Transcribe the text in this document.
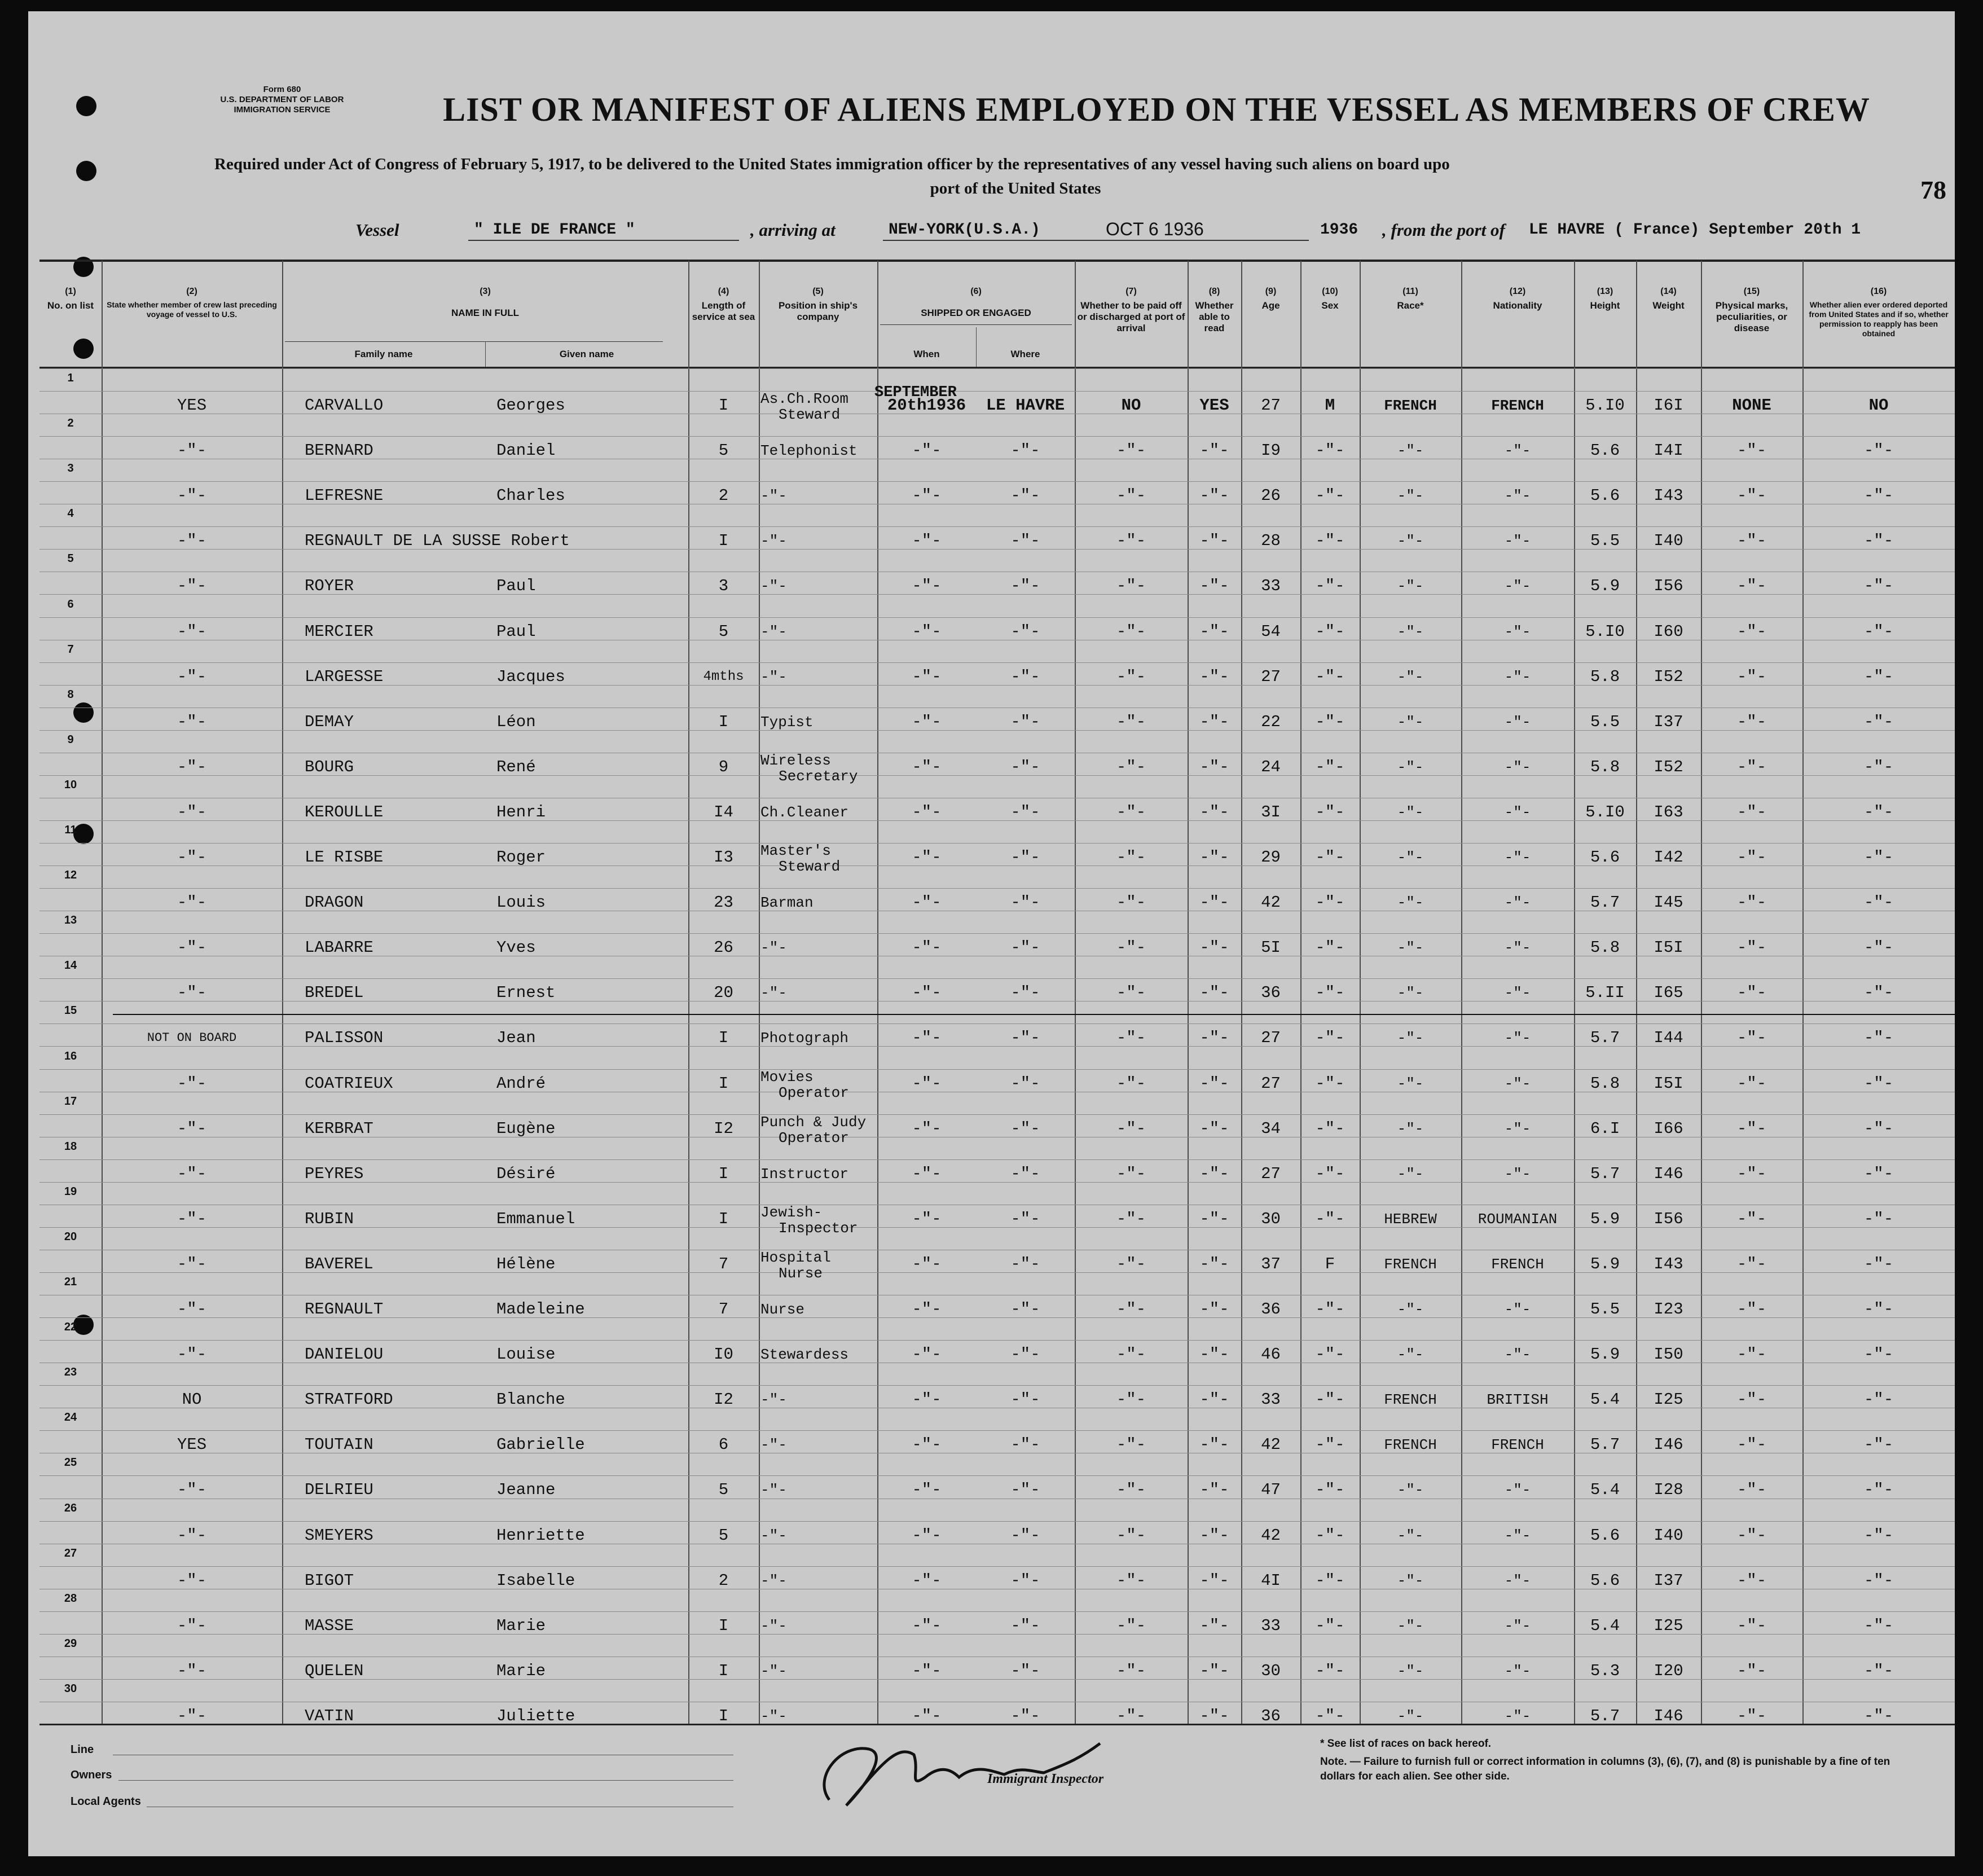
Form 680
U.S. DEPARTMENT OF LABOR
IMMIGRATION SERVICE	LIST OR MANIFEST OF ALIENS EMPLOYED ON THE VESSEL AS MEMBERS OF CREW
Required under Act of Congress of February 5, 1917, to be delivered to the United States immigration officer by the representatives of any vessel having such aliens on board upo
port of the United States	78
Vessel	" ILE DE FRANCE "	, arriving at	NEW-YORK(U.S.A.)	OCT 6 1936	1936 , from the port of LE HAVRE ( France) September 20th 1
(1)
No. on list
(2)
State whether member of crew last preceding voyage of vessel to U.S.
(3)
NAME IN FULL
Family name	Given name
(4)
Length of service at sea
(5)
Position in ship's company
(6)
SHIPPED OR ENGAGED
When	Where
(7)
Whether to be paid off or discharged at port of arrival
(8)
Whether able to read
(9)
Age
(10)
Sex
(11)
Race*
(12)
Nationality
(13)
Height
(14)
Weight
(15)
Physical marks, peculiarities, or disease
(16)
Whether alien ever ordered deported from United States and if so, whether permission to reapply has been obtained
SEPTEMBER
1
YES	CARVALLO	Georges	I	As.Ch.Room
Steward	20th1936	LE HAVRE	NO	YES	27	M	FRENCH	FRENCH	5.I0	I6I	NONE	NO
2
-"-	BERNARD	Daniel	5	Telephonist	-"-	-"-	-"-	-"-	I9	-"-	-"-	-"-	5.6	I4I	-"-	-"-
3
-"-	LEFRESNE	Charles	2	-"-	-"-	-"-	-"-	-"-	26	-"-	-"-	-"-	5.6	I43	-"-	-"-
4
-"-	REGNAULT DE LA SUSSE Robert	I	-"-	-"-	-"-	-"-	-"-	28	-"-	-"-	-"-	5.5	I40	-"-	-"-
5
-"-	ROYER	Paul	3	-"-	-"-	-"-	-"-	-"-	33	-"-	-"-	-"-	5.9	I56	-"-	-"-
6
-"-	MERCIER	Paul	5	-"-	-"-	-"-	-"-	-"-	54	-"-	-"-	-"-	5.I0	I60	-"-	-"-
7
-"-	LARGESSE	Jacques	4mths	-"-	-"-	-"-	-"-	-"-	27	-"-	-"-	-"-	5.8	I52	-"-	-"-
8
-"-	DEMAY	Léon	I	Typist	-"-	-"-	-"-	-"-	22	-"-	-"-	-"-	5.5	I37	-"-	-"-
9
-"-	BOURG	René	9	Wireless
Secretary	-"-	-"-	-"-	-"-	24	-"-	-"-	-"-	5.8	I52	-"-	-"-
10
-"-	KEROULLE	Henri	I4	Ch.Cleaner	-"-	-"-	-"-	-"-	3I	-"-	-"-	-"-	5.I0	I63	-"-	-"-
11
-"-	LE RISBE	Roger	I3	Master's
Steward	-"-	-"-	-"-	-"-	29	-"-	-"-	-"-	5.6	I42	-"-	-"-
12
-"-	DRAGON	Louis	23	Barman	-"-	-"-	-"-	-"-	42	-"-	-"-	-"-	5.7	I45	-"-	-"-
13
-"-	LABARRE	Yves	26	-"-	-"-	-"-	-"-	-"-	5I	-"-	-"-	-"-	5.8	I5I	-"-	-"-
14
-"-	BREDEL	Ernest	20	-"-	-"-	-"-	-"-	-"-	36	-"-	-"-	-"-	5.II	I65	-"-	-"-
15
NOT ON BOARD	PALISSON	Jean	I	Photograph	-"-	-"-	-"-	-"-	27	-"-	-"-	-"-	5.7	I44	-"-	-"-
16
-"-	COATRIEUX	André	I	Movies
Operator	-"-	-"-	-"-	-"-	27	-"-	-"-	-"-	5.8	I5I	-"-	-"-
17
-"-	KERBRAT	Eugène	I2	Punch & Judy
Operator	-"-	-"-	-"-	-"-	34	-"-	-"-	-"-	6.I	I66	-"-	-"-
18
-"-	PEYRES	Désiré	I	Instructor	-"-	-"-	-"-	-"-	27	-"-	-"-	-"-	5.7	I46	-"-	-"-
19
-"-	RUBIN	Emmanuel	I	Jewish-
Inspector	-"-	-"-	-"-	-"-	30	-"-	HEBREW	ROUMANIAN	5.9	I56	-"-	-"-
20
-"-	BAVEREL	Hélène	7	Hospital
Nurse	-"-	-"-	-"-	-"-	37	F	FRENCH	FRENCH	5.9	I43	-"-	-"-
21
-"-	REGNAULT	Madeleine	7	Nurse	-"-	-"-	-"-	-"-	36	-"-	-"-	-"-	5.5	I23	-"-	-"-
22
-"-	DANIELOU	Louise	I0	Stewardess	-"-	-"-	-"-	-"-	46	-"-	-"-	-"-	5.9	I50	-"-	-"-
23
NO	STRATFORD	Blanche	I2	-"-	-"-	-"-	-"-	-"-	33	-"-	FRENCH	BRITISH	5.4	I25	-"-	-"-
24
YES	TOUTAIN	Gabrielle	6	-"-	-"-	-"-	-"-	-"-	42	-"-	FRENCH	FRENCH	5.7	I46	-"-	-"-
25
-"-	DELRIEU	Jeanne	5	-"-	-"-	-"-	-"-	-"-	47	-"-	-"-	-"-	5.4	I28	-"-	-"-
26
-"-	SMEYERS	Henriette	5	-"-	-"-	-"-	-"-	-"-	42	-"-	-"-	-"-	5.6	I40	-"-	-"-
27
-"-	BIGOT	Isabelle	2	-"-	-"-	-"-	-"-	-"-	4I	-"-	-"-	-"-	5.6	I37	-"-	-"-
28
-"-	MASSE	Marie	I	-"-	-"-	-"-	-"-	-"-	33	-"-	-"-	-"-	5.4	I25	-"-	-"-
29
-"-	QUELEN	Marie	I	-"-	-"-	-"-	-"-	-"-	30	-"-	-"-	-"-	5.3	I20	-"-	-"-
30
-"-	VATIN	Juliette	I	-"-	-"-	-"-	-"-	-"-	36	-"-	-"-	-"-	5.7	I46	-"-	-"-
Line
Owners
Local Agents
Immigrant Inspector
* See list of races on back hereof.
Note. — Failure to furnish full or correct information in columns (3), (6), (7), and (8) is punishable by a fine of ten dollars for each alien. See other side.
